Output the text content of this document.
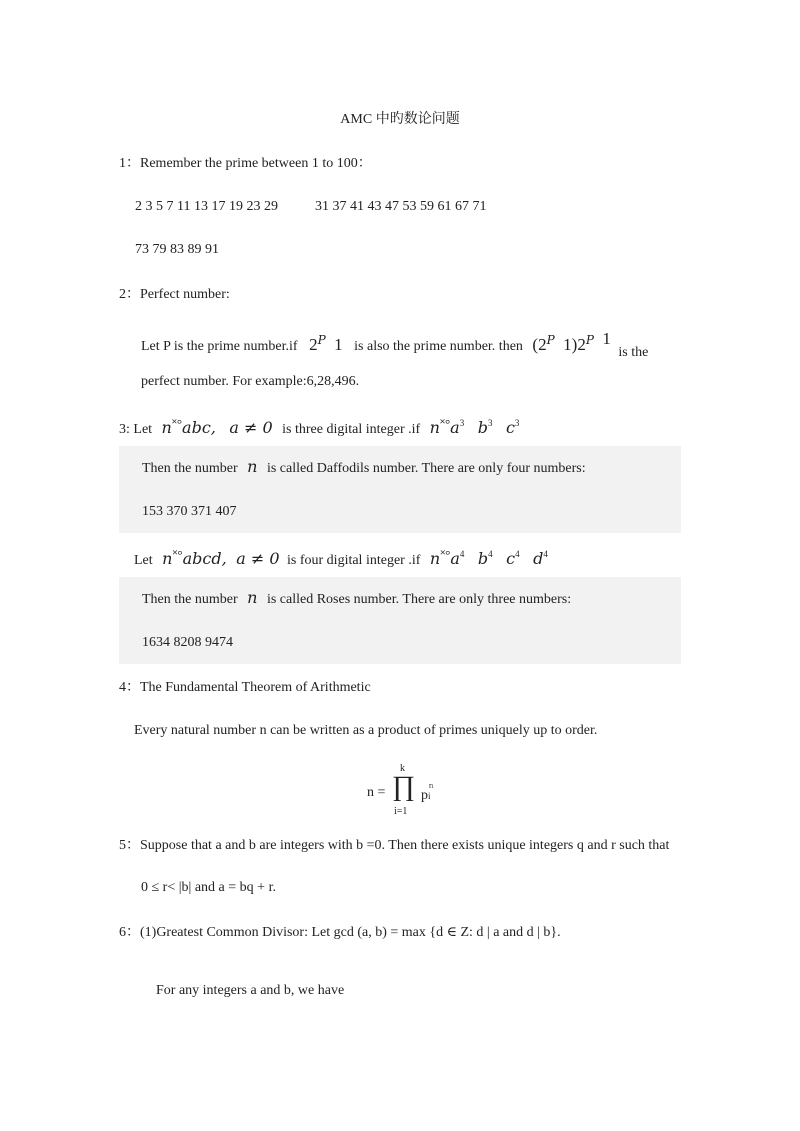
AMC 中旳数论问题
1：Remember the prime between 1 to 100：
2 3 5 7 11 13 17 19 23 29	31 37 41 43 47 53 59 61 67 71
73 79 83 89 91
2：Perfect number:
Let P is the prime number.if $2^P$ 1 is also the prime number. then ($2^P$ $1)2^P$ 1 is the
perfect number. For example:6,28,496.
3: Let n˟°abc, a ≠ 0 is three digital integer .if $n˟^\circ a^3$ $b^3$ $c^3$
Then the number n is called Daffodils number. There are only four numbers:
153 370 371 407
Let n˟°abcd, a ≠ 0 is four digital integer .if $n˟^\circ a^4$ $b^4$ $c^4$ $d^4$
Then the number n is called Roses number. There are only three numbers:
1634 8208 9474
4：The Fundamental Theorem of Arithmetic
Every natural number n can be written as a product of primes uniquely up to order.
n =
k
∏
i=1
pi
ri
5：Suppose that a and b are integers with b =0. Then there exists unique integers q and r such that
0 ≤ r< |b| and a = bq + r.
6：(1)Greatest Common Divisor: Let gcd (a, b) = max {d ∈ Z: d | a and d | b}.
For any integers a and b, we have
